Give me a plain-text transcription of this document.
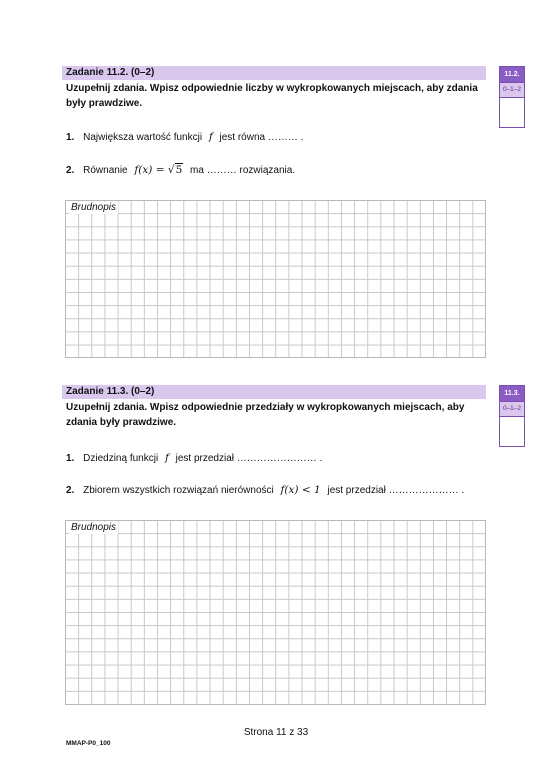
Zadanie 11.2. (0–2)
Uzupełnij zdania. Wpisz odpowiednie liczby w wykropkowanych miejscach, aby zdania były prawdziwe.
11.2.
0–1–2
1. Największa wartość funkcji f jest równa ……… .
2. Równanie f(x) = √5 ma ……… rozwiązania.
Brudnopis
Zadanie 11.3. (0–2)
Uzupełnij zdania. Wpisz odpowiednie przedziały w wykropkowanych miejscach, aby zdania były prawdziwe.
11.3.
0–1–2
1. Dziedziną funkcji f jest przedział …………………… .
2. Zbiorem wszystkich rozwiązań nierówności f(x) < 1 jest przedział ………………… .
Brudnopis
Strona 11 z 33
MMAP-P0_100
